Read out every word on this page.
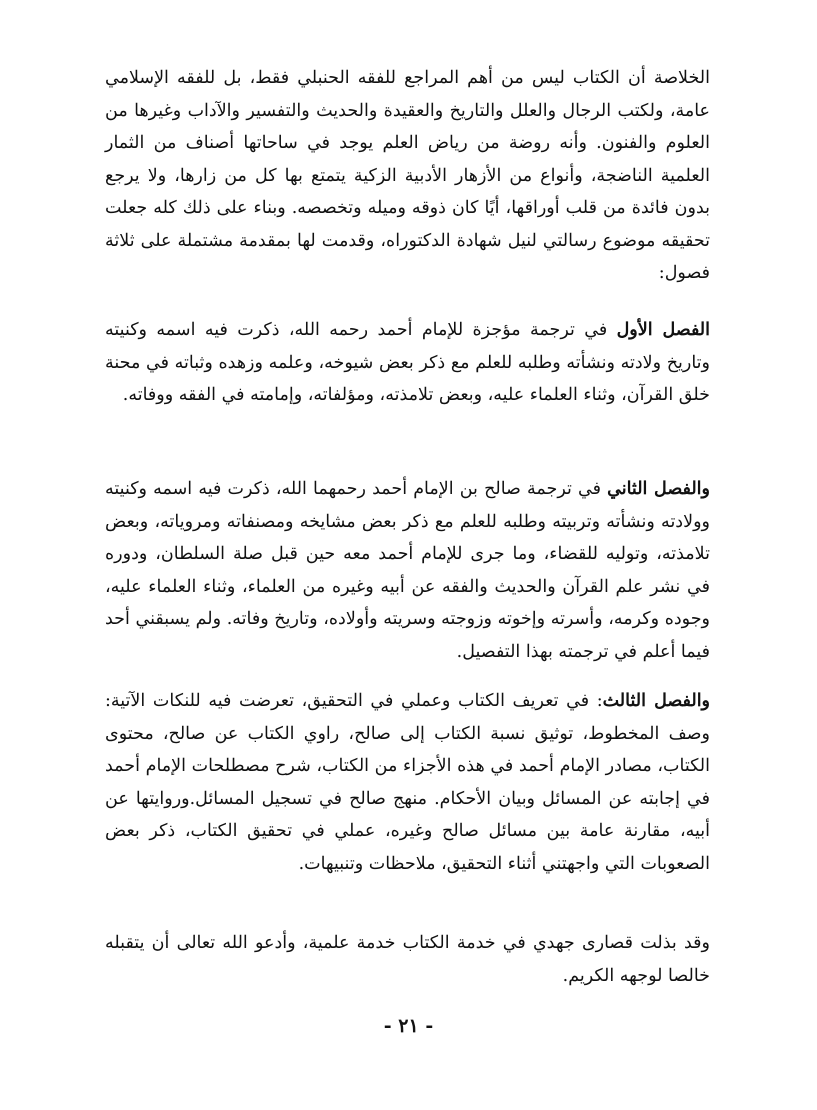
الخلاصة أن الكتاب ليس من أهم المراجع للفقه الحنبلي فقط، بل للفقه الإسلامي عامة، ولكتب الرجال والعلل والتاريخ والعقيدة والحديث والتفسير والآداب وغيرها من العلوم والفنون. وأنه روضة من رياض العلم يوجد في ساحاتها أصناف من الثمار العلمية الناضجة، وأنواع من الأزهار الأدبية الزكية يتمتع بها كل من زارها، ولا يرجع بدون فائدة من قلب أوراقها، أيًا كان ذوقه وميله وتخصصه. وبناء على ذلك كله جعلت تحقيقه موضوع رسالتي لنيل شهادة الدكتوراه، وقدمت لها بمقدمة مشتملة على ثلاثة فصول:

الفصل الأول في ترجمة مؤجزة للإمام أحمد رحمه الله، ذكرت فيه اسمه وكنيته وتاريخ ولادته ونشأته وطلبه للعلم مع ذكر بعض شيوخه، وعلمه وزهده وثباته في محنة خلق القرآن، وثناء العلماء عليه، وبعض تلامذته، ومؤلفاته، وإمامته في الفقه ووفاته.

والفصل الثاني في ترجمة صالح بن الإمام أحمد رحمهما الله، ذكرت فيه اسمه وكنيته وولادته ونشأته وتربيته وطلبه للعلم مع ذكر بعض مشايخه ومصنفاته ومروياته، وبعض تلامذته، وتوليه للقضاء، وما جرى للإمام أحمد معه حين قبل صلة السلطان، ودوره في نشر علم القرآن والحديث والفقه عن أبيه وغيره من العلماء، وثناء العلماء عليه، وجوده وكرمه، وأسرته وإخوته وزوجته وسريته وأولاده، وتاريخ وفاته. ولم يسبقني أحد فيما أعلم في ترجمته بهذا التفصيل.

والفصل الثالث: في تعريف الكتاب وعملي في التحقيق، تعرضت فيه للنكات الآتية: وصف المخطوط، توثيق نسبة الكتاب إلى صالح، راوي الكتاب عن صالح، محتوى الكتاب، مصادر الإمام أحمد في هذه الأجزاء من الكتاب، شرح مصطلحات الإمام أحمد في إجابته عن المسائل وبيان الأحكام. منهج صالح في تسجيل المسائل.وروايتها عن أبيه، مقارنة عامة بين مسائل صالح وغيره، عملي في تحقيق الكتاب، ذكر بعض الصعوبات التي واجهتني أثناء التحقيق، ملاحظات وتنبيهات.

وقد بذلت قصارى جهدي في خدمة الكتاب خدمة علمية، وأدعو الله تعالى أن يتقبله خالصا لوجهه الكريم.

- ٢١ -
